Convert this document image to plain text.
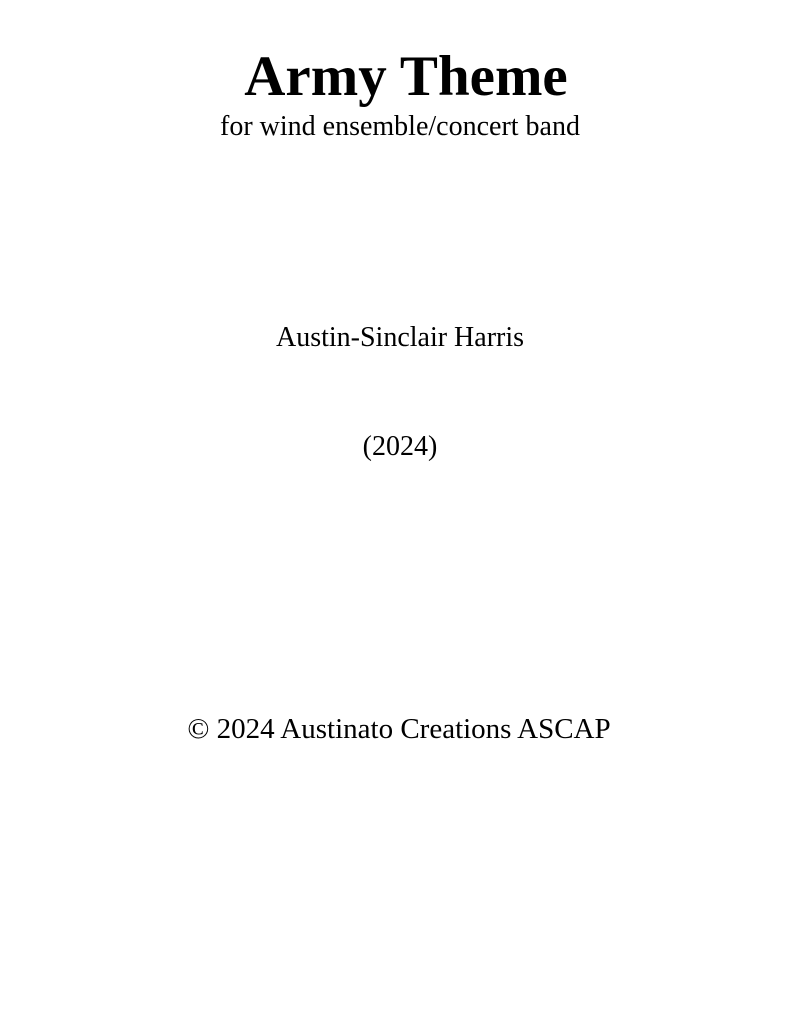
Army Theme
for wind ensemble/concert band
Austin-Sinclair Harris
(2024)
© 2024 Austinato Creations ASCAP
